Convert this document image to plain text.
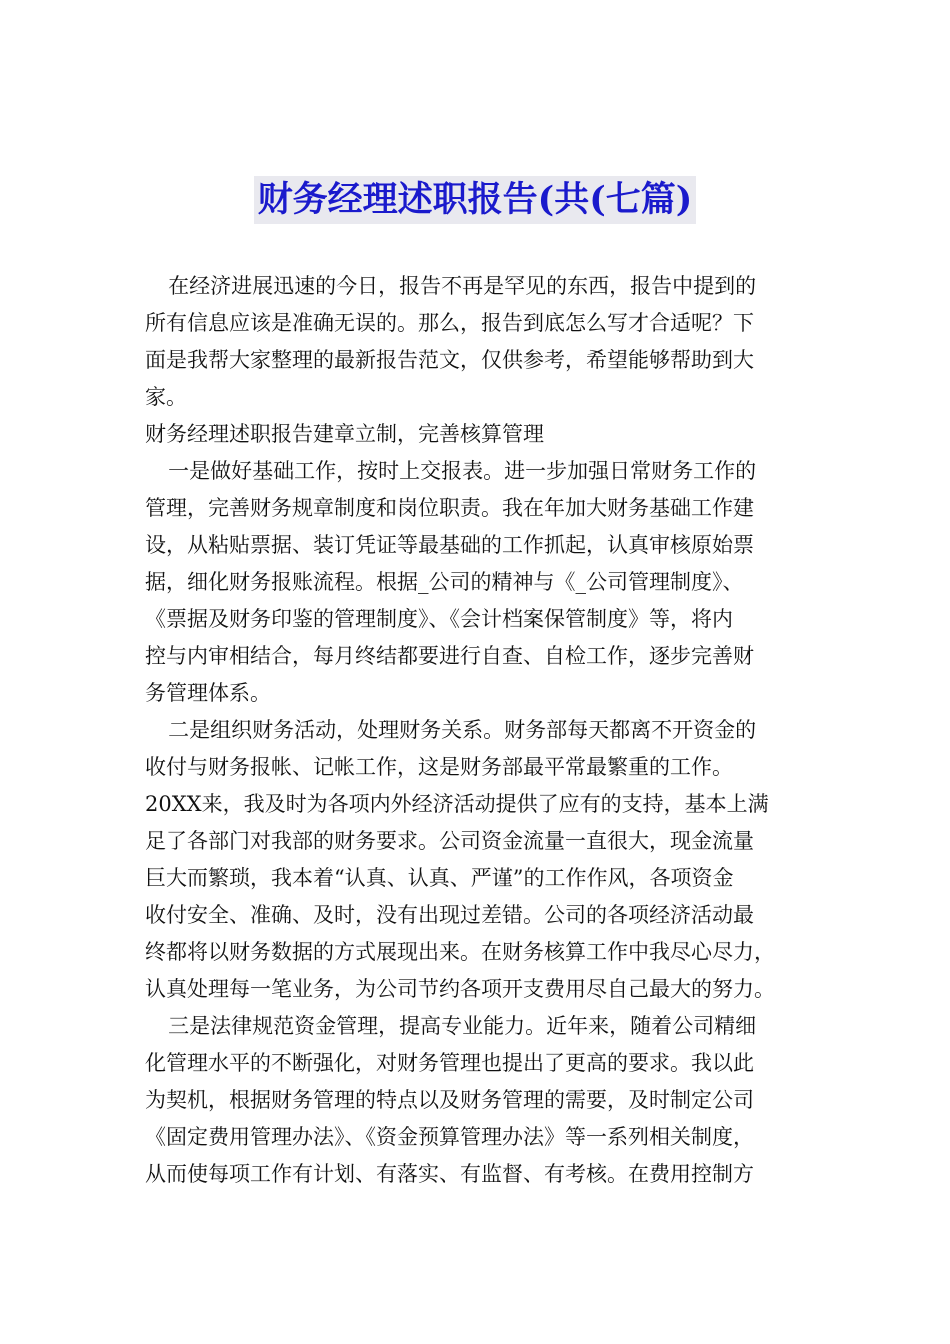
财务经理述职报告(共(七篇)
在经济进展迅速的今日，报告不再是罕见的东西，报告中提到的
所有信息应该是准确无误的。那么，报告到底怎么写才合适呢？下
面是我帮大家整理的最新报告范文，仅供参考，希望能够帮助到大
家。
财务经理述职报告建章立制，完善核算管理
一是做好基础工作，按时上交报表。进一步加强日常财务工作的
管理，完善财务规章制度和岗位职责。我在年加大财务基础工作建
设，从粘贴票据、装订凭证等最基础的工作抓起，认真审核原始票
据，细化财务报账流程。根据_公司的精神与《_公司管理制度》、
《票据及财务印鉴的管理制度》、《会计档案保管制度》等，将内
控与内审相结合，每月终结都要进行自查、自检工作，逐步完善财
务管理体系。
二是组织财务活动，处理财务关系。财务部每天都离不开资金的
收付与财务报帐、记帐工作，这是财务部最平常最繁重的工作。
20XX来，我及时为各项内外经济活动提供了应有的支持，基本上满
足了各部门对我部的财务要求。公司资金流量一直很大，现金流量
巨大而繁琐，我本着“认真、认真、严谨”的工作作风，各项资金
收付安全、准确、及时，没有出现过差错。公司的各项经济活动最
终都将以财务数据的方式展现出来。在财务核算工作中我尽心尽力，
认真处理每一笔业务，为公司节约各项开支费用尽自己最大的努力。
三是法律规范资金管理，提高专业能力。近年来，随着公司精细
化管理水平的不断强化，对财务管理也提出了更高的要求。我以此
为契机，根据财务管理的特点以及财务管理的需要，及时制定公司
《固定费用管理办法》、《资金预算管理办法》等一系列相关制度，
从而使每项工作有计划、有落实、有监督、有考核。在费用控制方
